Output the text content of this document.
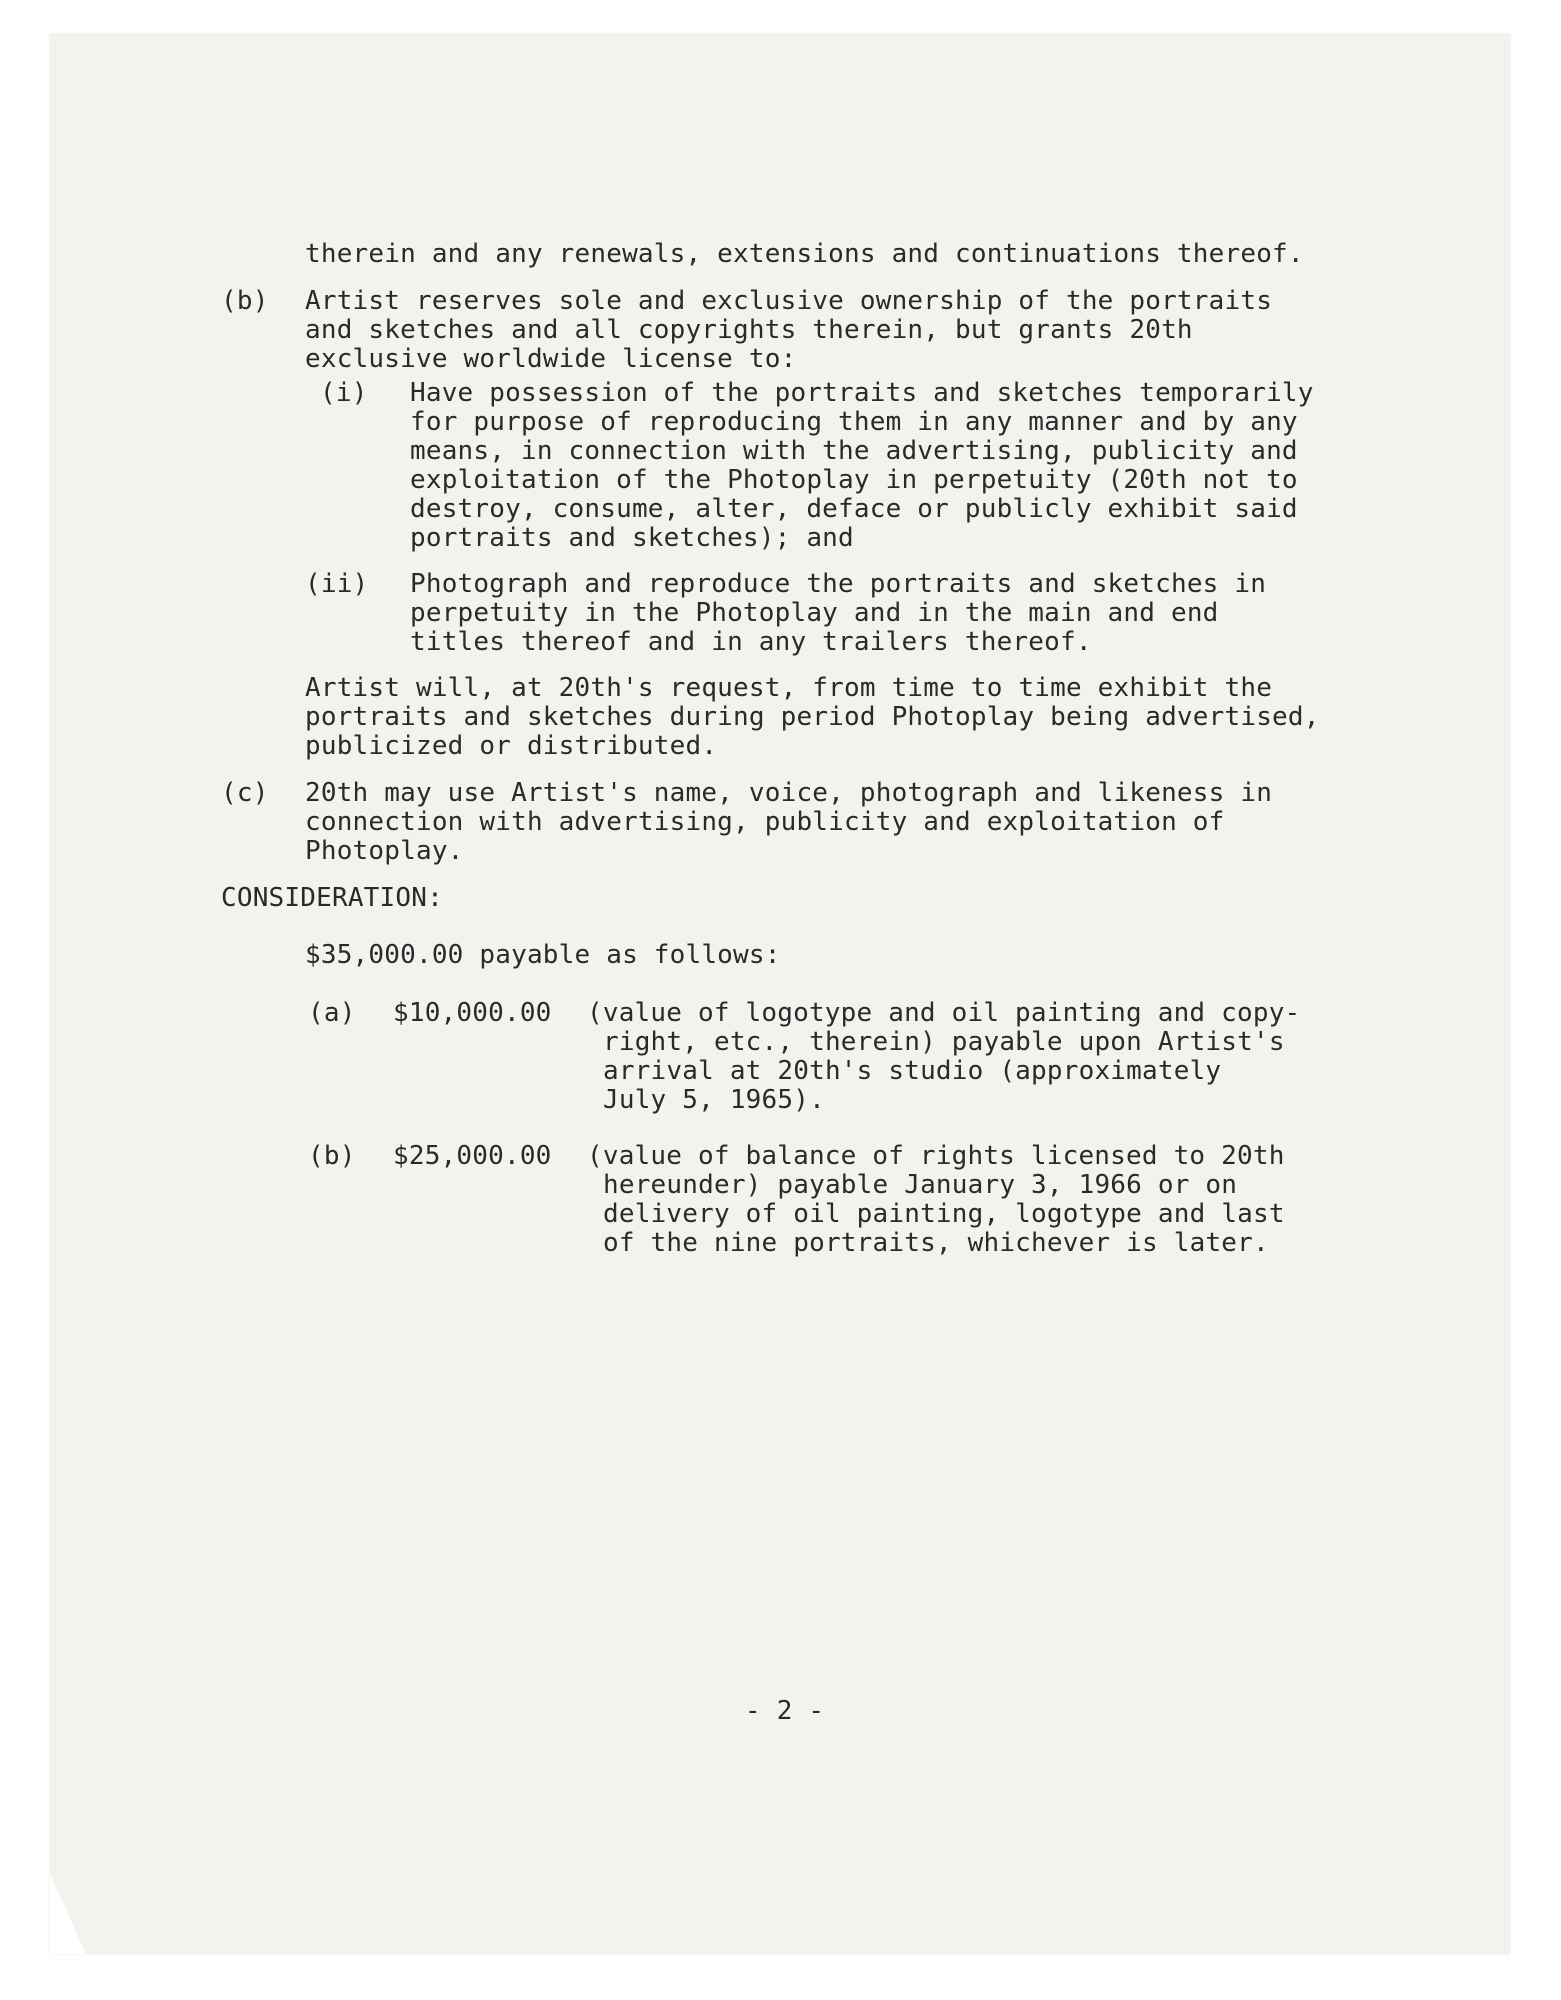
therein and any renewals, extensions and continuations thereof.

(b) Artist reserves sole and exclusive ownership of the portraits

and sketches and all copyrights therein, but grants 20th

exclusive worldwide license to:

(i) Have possession of the portraits and sketches temporarily

for purpose of reproducing them in any manner and by any

means, in connection with the advertising, publicity and

exploitation of the Photoplay in perpetuity (20th not to

destroy, consume, alter, deface or publicly exhibit said

portraits and sketches); and

(ii) Photograph and reproduce the portraits and sketches in

perpetuity in the Photoplay and in the main and end

titles thereof and in any trailers thereof.

Artist will, at 20th's request, from time to time exhibit the

portraits and sketches during period Photoplay being advertised,

publicized or distributed.

(c) 20th may use Artist's name, voice, photograph and likeness in

connection with advertising, publicity and exploitation of

Photoplay.

CONSIDERATION:

$35,000.00 payable as follows:

(a) $10,000.00 (value of logotype and oil painting and copy-

right, etc., therein) payable upon Artist's

arrival at 20th's studio (approximately

July 5, 1965).

(b) $25,000.00 (value of balance of rights licensed to 20th

hereunder) payable January 3, 1966 or on

delivery of oil painting, logotype and last

of the nine portraits, whichever is later.

- 2 -
